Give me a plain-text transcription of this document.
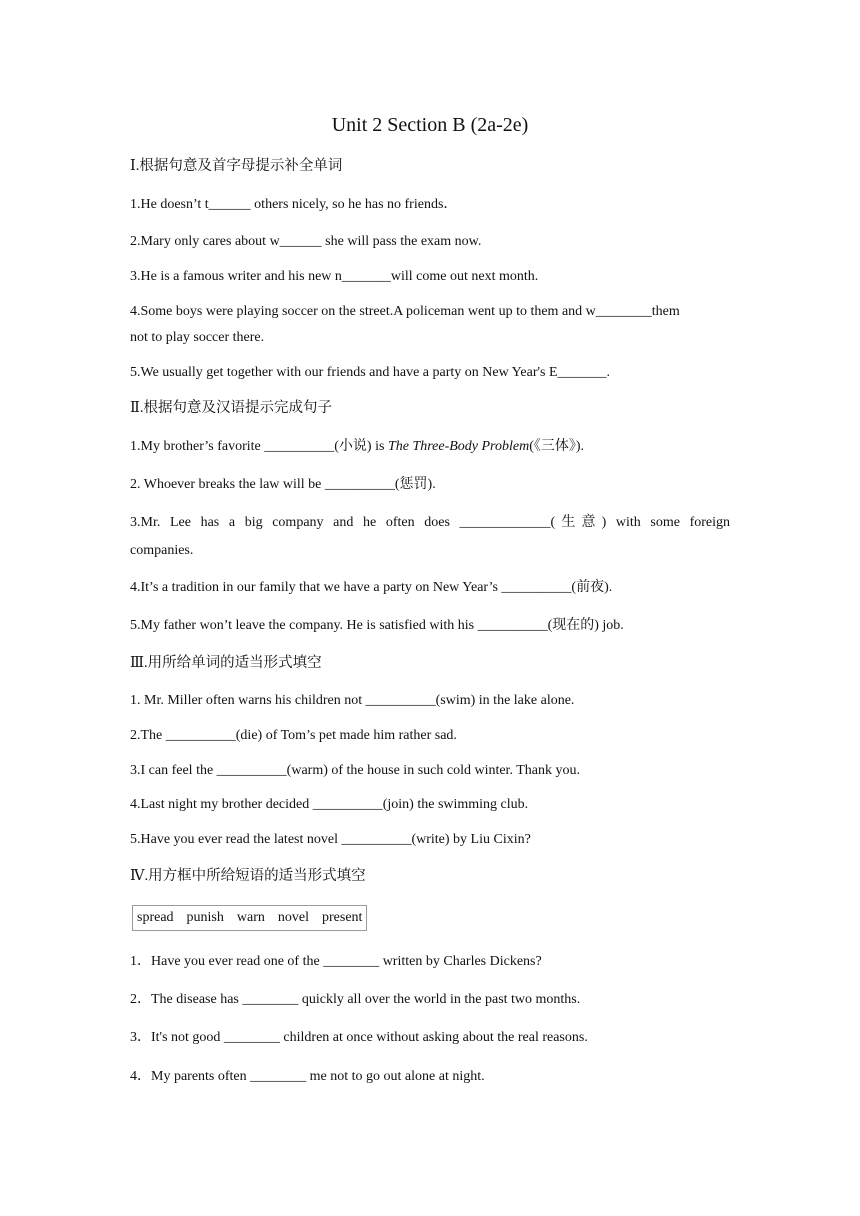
Unit 2 Section B (2a-2e)
Ⅰ.根据句意及首字母提示补全单词
1.He doesn’t t______ others nicely, so he has no friends．
2.Mary only cares about w______ she will pass the exam now.
3.He is a famous writer and his new n_______will come out next month.
4.Some boys were playing soccer on the street.A policeman went up to them and w________them
not to play soccer there.
5.We usually get together with our friends and have a party on New Year's E_______.
Ⅱ.根据句意及汉语提示完成句子
1.My brother’s favorite __________(小说) is The Three-Body Problem(《三体》).
2. Whoever breaks the law will be __________(惩罚).
3.Mr. Lee has a big company and he often does _____________(生意) with some foreign
companies.
4.It’s a tradition in our family that we have a party on New Year’s __________(前夜).
5.My father won’t leave the company. He is satisfied with his __________(现在的) job.
Ⅲ.用所给单词的适当形式填空
1. Mr. Miller often warns his children not __________(swim) in the lake alone.
2.The __________(die) of Tom’s pet made him rather sad.
3.I can feel the __________(warm) of the house in such cold winter. Thank you.
4.Last night my brother decided __________(join) the swimming club.
5.Have you ever read the latest novel __________(write) by Liu Cixin?
Ⅳ.用方框中所给短语的适当形式填空
spread punish warn novel present
1．Have you ever read one of the ________ written by Charles Dickens?
2．The disease has ________ quickly all over the world in the past two months.
3．It's not good ________ children at once without asking about the real reasons.
4．My parents often ________ me not to go out alone at night.
